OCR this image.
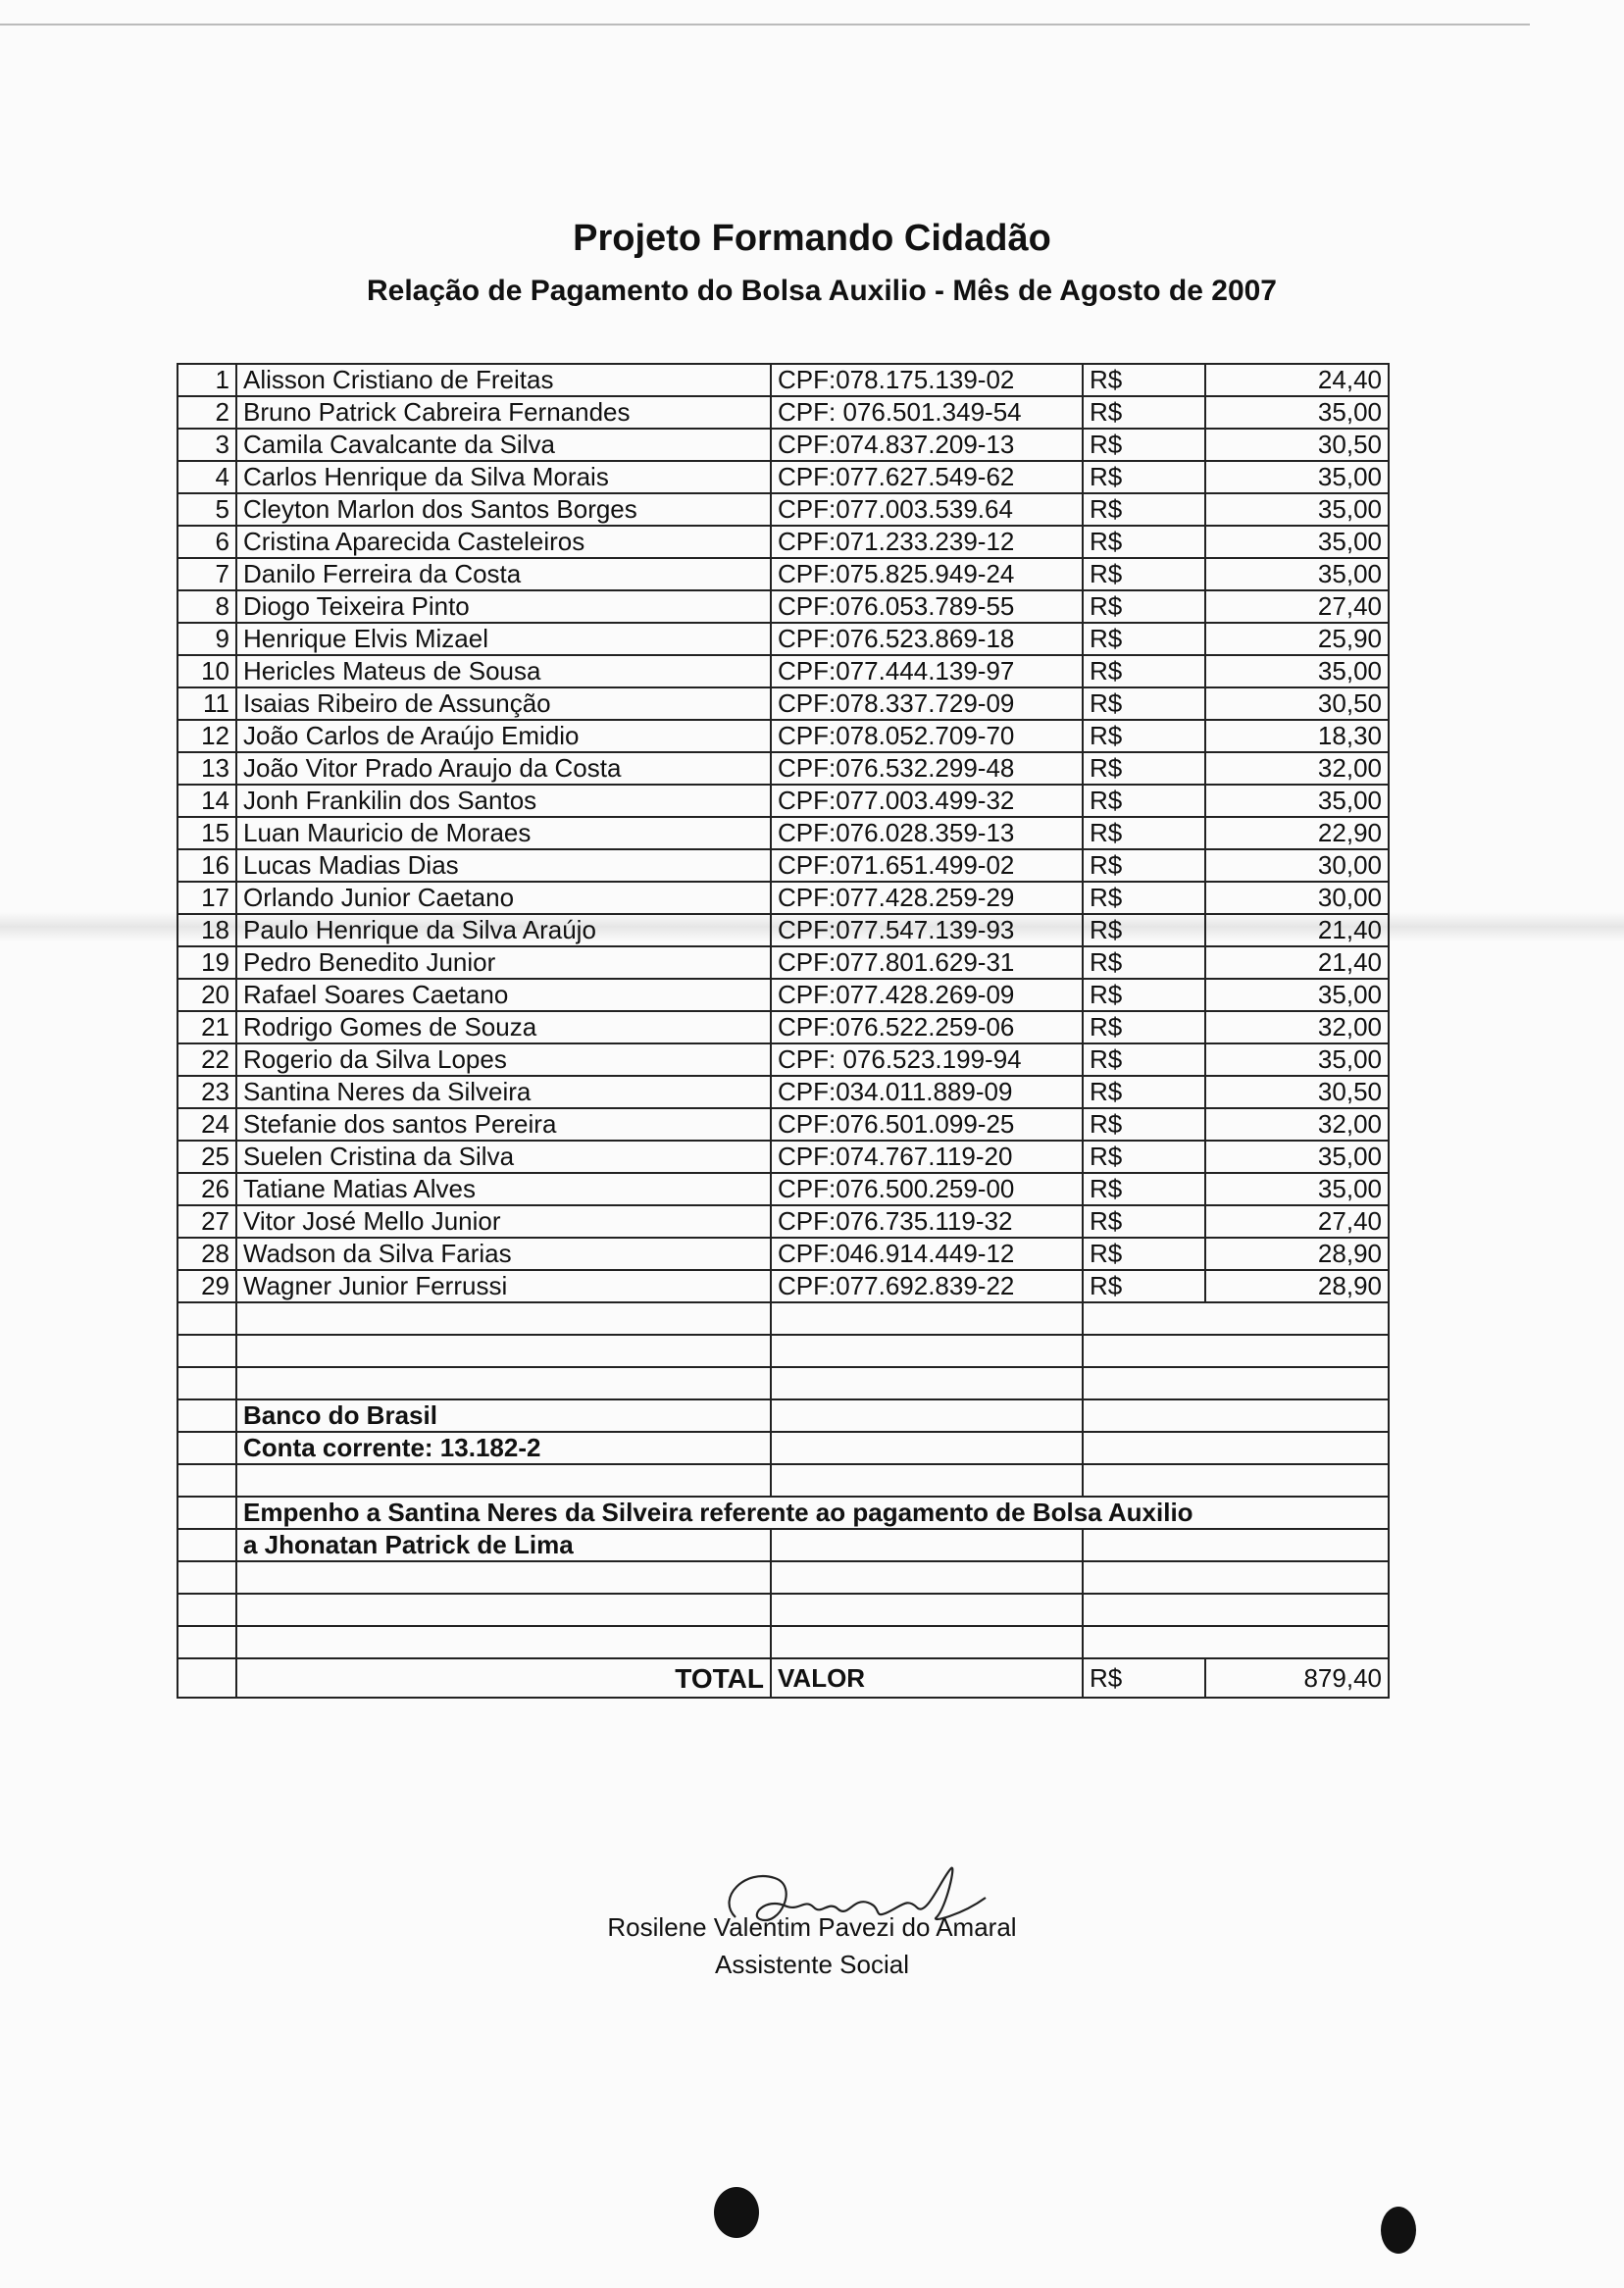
Projeto Formando Cidadão
Relação de Pagamento do Bolsa Auxilio - Mês de Agosto de 2007
1	Alisson Cristiano de Freitas	CPF:078.175.139-02	R$	24,40
2	Bruno Patrick Cabreira Fernandes	CPF: 076.501.349-54	R$	35,00
3	Camila Cavalcante da Silva	CPF:074.837.209-13	R$	30,50
4	Carlos Henrique da Silva Morais	CPF:077.627.549-62	R$	35,00
5	Cleyton Marlon dos Santos Borges	CPF:077.003.539.64	R$	35,00
6	Cristina Aparecida Casteleiros	CPF:071.233.239-12	R$	35,00
7	Danilo Ferreira da Costa	CPF:075.825.949-24	R$	35,00
8	Diogo Teixeira Pinto	CPF:076.053.789-55	R$	27,40
9	Henrique Elvis Mizael	CPF:076.523.869-18	R$	25,90
10	Hericles Mateus de Sousa	CPF:077.444.139-97	R$	35,00
11	Isaias Ribeiro de Assunção	CPF:078.337.729-09	R$	30,50
12	João Carlos de Araújo Emidio	CPF:078.052.709-70	R$	18,30
13	João Vitor Prado Araujo da Costa	CPF:076.532.299-48	R$	32,00
14	Jonh Frankilin dos Santos	CPF:077.003.499-32	R$	35,00
15	Luan Mauricio de Moraes	CPF:076.028.359-13	R$	22,90
16	Lucas Madias Dias	CPF:071.651.499-02	R$	30,00
17	Orlando Junior Caetano	CPF:077.428.259-29	R$	30,00
18	Paulo Henrique da Silva Araújo	CPF:077.547.139-93	R$	21,40
19	Pedro Benedito Junior	CPF:077.801.629-31	R$	21,40
20	Rafael Soares Caetano	CPF:077.428.269-09	R$	35,00
21	Rodrigo Gomes de Souza	CPF:076.522.259-06	R$	32,00
22	Rogerio da Silva Lopes	CPF: 076.523.199-94	R$	35,00
23	Santina Neres da Silveira	CPF:034.011.889-09	R$	30,50
24	Stefanie dos santos Pereira	CPF:076.501.099-25	R$	32,00
25	Suelen Cristina da Silva	CPF:074.767.119-20	R$	35,00
26	Tatiane Matias Alves	CPF:076.500.259-00	R$	35,00
27	Vitor José Mello Junior	CPF:076.735.119-32	R$	27,40
28	Wadson da Silva Farias	CPF:046.914.449-12	R$	28,90
29	Wagner Junior Ferrussi	CPF:077.692.839-22	R$	28,90

	Banco do Brasil			
	Conta corrente: 13.182-2			

	Empenho a Santina Neres da Silveira referente ao pagamento de Bolsa Auxilio			
	a Jhonatan Patrick de Lima			

	TOTAL	VALOR	R$	879,40
Rosilene Valentim Pavezi do Amaral
Assistente Social
